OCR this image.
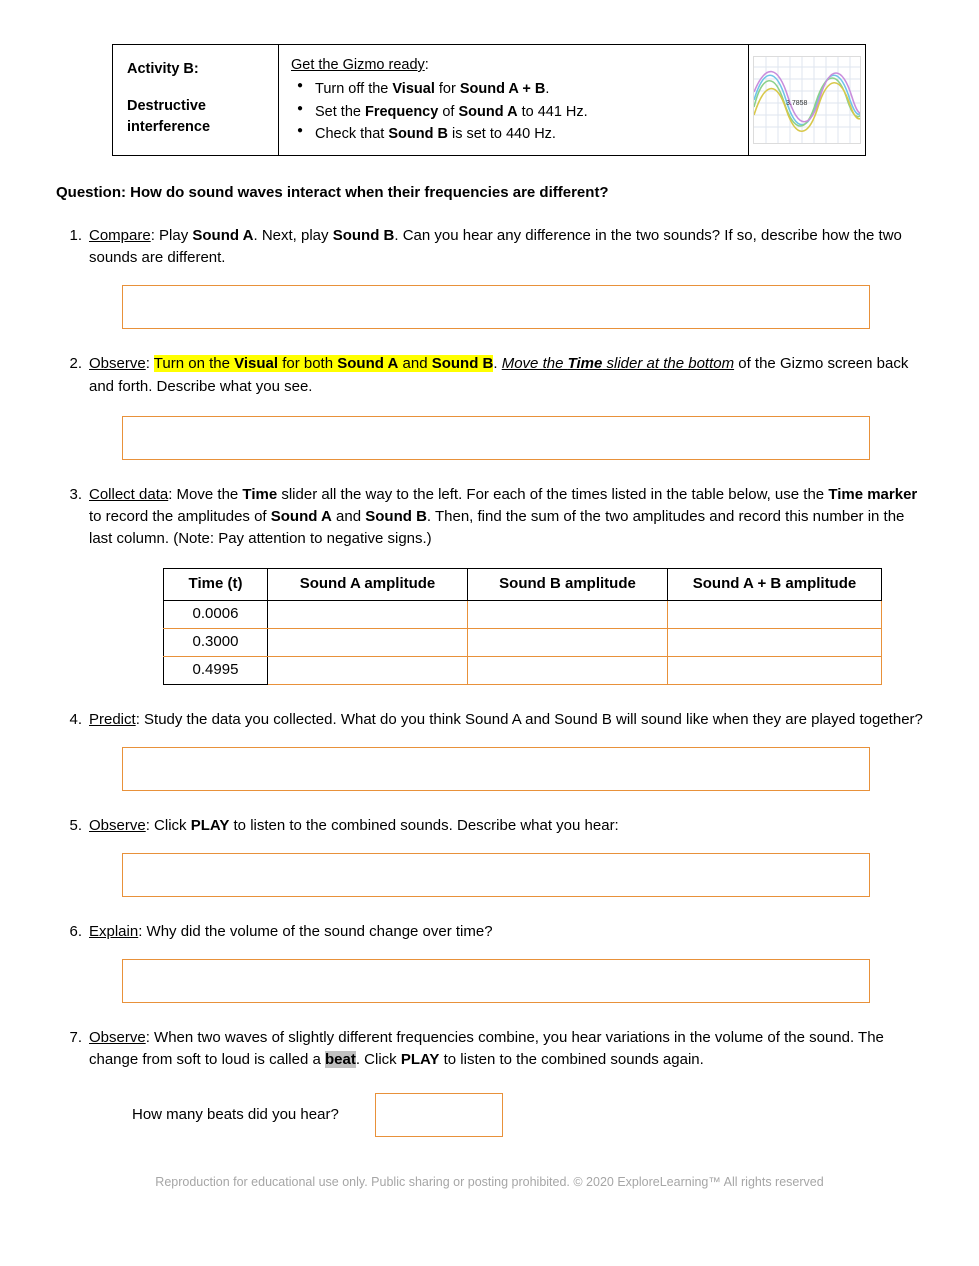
Activity B:
Destructive interference
Get the Gizmo ready:
● Turn off the Visual for Sound A + B.
● Set the Frequency of Sound A to 441 Hz.
● Check that Sound B is set to 440 Hz.
3.7858
Question: How do sound waves interact when their frequencies are different?
1. Compare: Play Sound A. Next, play Sound B. Can you hear any difference in the two sounds? If so, describe how the two sounds are different.
2. Observe: Turn on the Visual for both Sound A and Sound B. Move the Time slider at the bottom of the Gizmo screen back and forth. Describe what you see.
3. Collect data: Move the Time slider all the way to the left. For each of the times listed in the table below, use the Time marker to record the amplitudes of Sound A and Sound B. Then, find the sum of the two amplitudes and record this number in the last column. (Note: Pay attention to negative signs.)
Time (t)	Sound A amplitude	Sound B amplitude	Sound A + B amplitude
0.0006			
0.3000			
0.4995			
4. Predict: Study the data you collected. What do you think Sound A and Sound B will sound like when they are played together?
5. Observe: Click PLAY to listen to the combined sounds. Describe what you hear:
6. Explain: Why did the volume of the sound change over time?
7. Observe: When two waves of slightly different frequencies combine, you hear variations in the volume of the sound. The change from soft to loud is called a beat. Click PLAY to listen to the combined sounds again.
How many beats did you hear?
Reproduction for educational use only. Public sharing or posting prohibited. © 2020 ExploreLearning™ All rights reserved
